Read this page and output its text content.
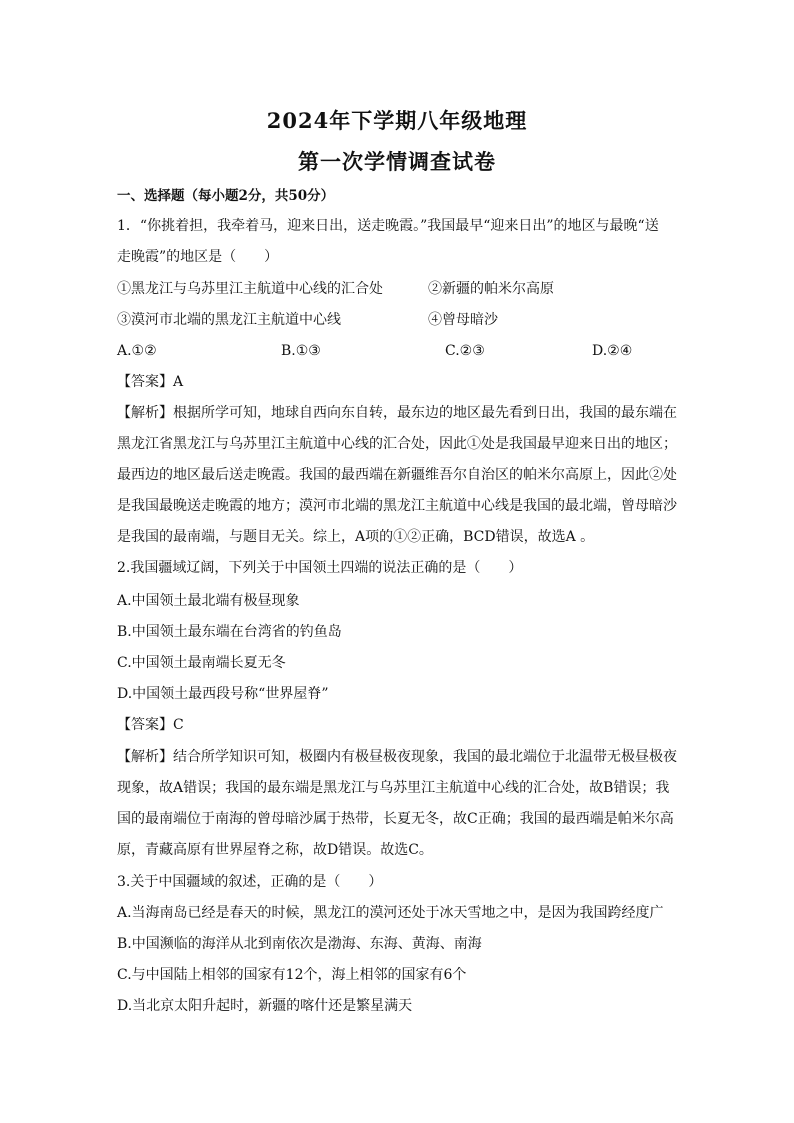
2024年下学期八年级地理
第一次学情调查试卷
一、选择题（每小题2分，共50分）
1．“你挑着担，我牵着马，迎来日出，送走晚霞。”我国最早“迎来日出”的地区与最晚“送
走晚霞”的地区是（　　）
①黑龙江与乌苏里江主航道中心线的汇合处	②新疆的帕米尔高原
③漠河市北端的黑龙江主航道中心线	④曾母暗沙
A.①②	B.①③	C.②③	D.②④
【答案】A
【解析】根据所学可知，地球自西向东自转，最东边的地区最先看到日出，我国的最东端在
黑龙江省黑龙江与乌苏里江主航道中心线的汇合处，因此①处是我国最早迎来日出的地区；
最西边的地区最后送走晚霞。我国的最西端在新疆维吾尔自治区的帕米尔高原上，因此②处
是我国最晚送走晚霞的地方；漠河市北端的黑龙江主航道中心线是我国的最北端，曾母暗沙
是我国的最南端，与题目无关。综上，A项的①②正确，BCD错误，故选A 。
2.我国疆域辽阔，下列关于中国领土四端的说法正确的是（　　）
A.中国领土最北端有极昼现象
B.中国领土最东端在台湾省的钓鱼岛
C.中国领土最南端长夏无冬
D.中国领土最西段号称“世界屋脊”
【答案】C
【解析】结合所学知识可知，极圈内有极昼极夜现象，我国的最北端位于北温带无极昼极夜
现象，故A错误；我国的最东端是黑龙江与乌苏里江主航道中心线的汇合处，故B错误；我
国的最南端位于南海的曾母暗沙属于热带，长夏无冬，故C正确；我国的最西端是帕米尔高
原，青藏高原有世界屋脊之称，故D错误。故选C。
3.关于中国疆域的叙述，正确的是（　　）
A.当海南岛已经是春天的时候，黑龙江的漠河还处于冰天雪地之中，是因为我国跨经度广
B.中国濒临的海洋从北到南依次是渤海、东海、黄海、南海
C.与中国陆上相邻的国家有12个，海上相邻的国家有6个
D.当北京太阳升起时，新疆的喀什还是繁星满天
